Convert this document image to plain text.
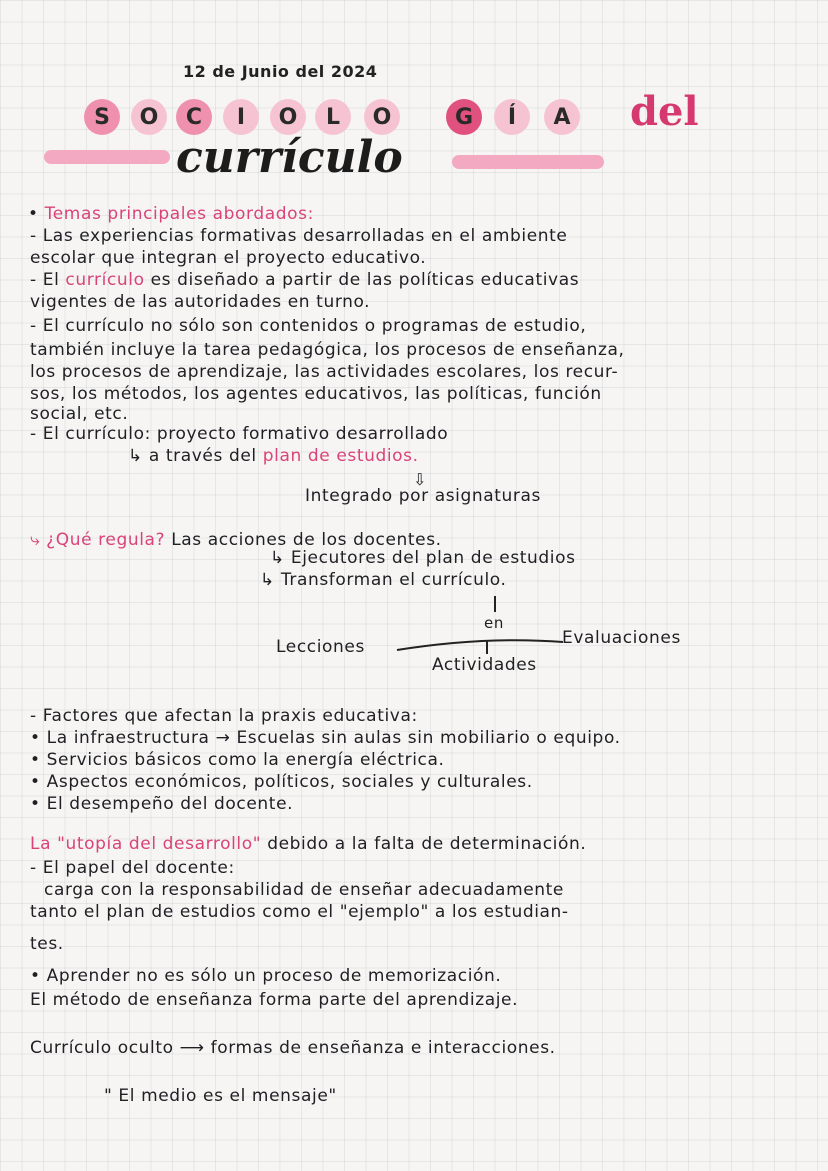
12 de Junio del 2024
S	O	C	I	O	L	O	G	Í	A del
currículo
• Temas principales abordados:
- Las experiencias formativas desarrolladas en el ambiente
escolar que integran el proyecto educativo.
- El currículo es diseñado a partir de las políticas educativas
vigentes de las autoridades en turno.
- El currículo no sólo son contenidos o programas de estudio,
también incluye la tarea pedagógica, los procesos de enseñanza,
los procesos de aprendizaje, las actividades escolares, los recur-
sos, los métodos, los agentes educativos, las políticas, función
social, etc.
- El currículo: proyecto formativo desarrollado
↳ a través del plan de estudios.
⇩
Integrado por asignaturas
⤷ ¿Qué regula? Las acciones de los docentes.
↳ Ejecutores del plan de estudios
↳ Transforman el currículo.
en
Lecciones	Evaluaciones
Actividades
- Factores que afectan la praxis educativa:
• La infraestructura → Escuelas sin aulas sin mobiliario o equipo.
• Servicios básicos como la energía eléctrica.
• Aspectos económicos, políticos, sociales y culturales.
• El desempeño del docente.
La "utopía del desarrollo" debido a la falta de determinación.
- El papel del docente:
carga con la responsabilidad de enseñar adecuadamente
tanto el plan de estudios como el "ejemplo" a los estudian-
tes.
• Aprender no es sólo un proceso de memorización.
El método de enseñanza forma parte del aprendizaje.
Currículo oculto ⟶ formas de enseñanza e interacciones.
" El medio es el mensaje"
